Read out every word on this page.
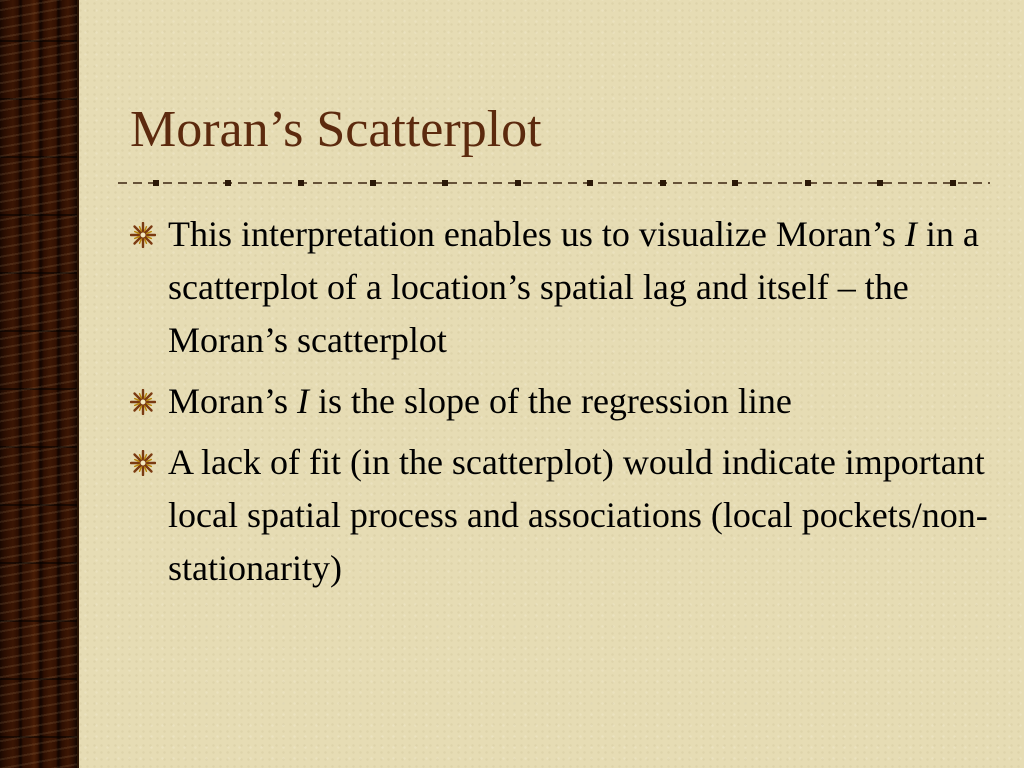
Moran’s Scatterplot
This interpretation enables us to visualize Moran’s I in a scatterplot of a location’s spatial lag and itself – the Moran’s scatterplot
Moran’s I is the slope of the regression line
A lack of fit (in the scatterplot) would indicate important local spatial process and associations (local pockets/non-stationarity)
